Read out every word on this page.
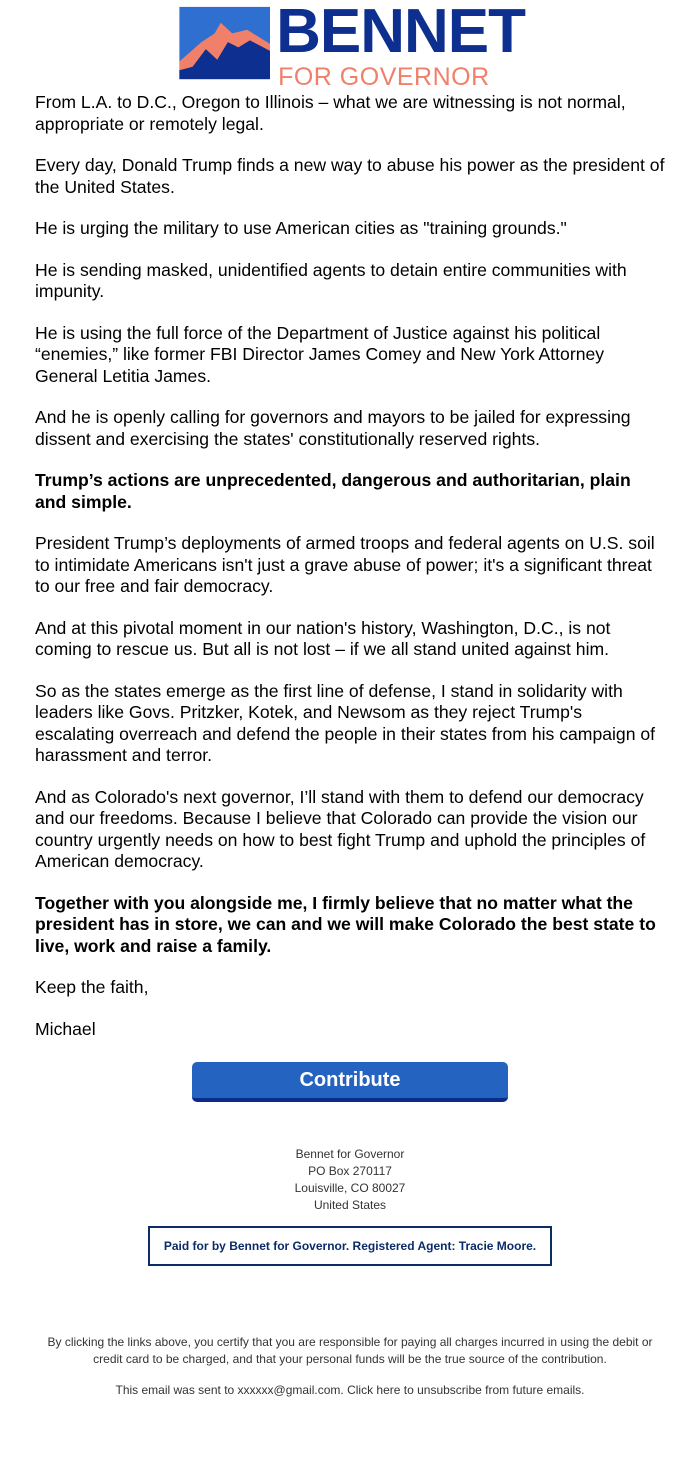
BENNET
FOR GOVERNOR

From L.A. to D.C., Oregon to Illinois – what we are witnessing is not normal, appropriate or remotely legal.

Every day, Donald Trump finds a new way to abuse his power as the president of the United States.

He is urging the military to use American cities as "training grounds."

He is sending masked, unidentified agents to detain entire communities with impunity.

He is using the full force of the Department of Justice against his political “enemies,” like former FBI Director James Comey and New York Attorney General Letitia James.

And he is openly calling for governors and mayors to be jailed for expressing dissent and exercising the states' constitutionally reserved rights.

Trump’s actions are unprecedented, dangerous and authoritarian, plain and simple.

President Trump’s deployments of armed troops and federal agents on U.S. soil to intimidate Americans isn't just a grave abuse of power; it's a significant threat to our free and fair democracy.

And at this pivotal moment in our nation's history, Washington, D.C., is not coming to rescue us. But all is not lost – if we all stand united against him.

So as the states emerge as the first line of defense, I stand in solidarity with leaders like Govs. Pritzker, Kotek, and Newsom as they reject Trump's escalating overreach and defend the people in their states from his campaign of harassment and terror.

And as Colorado's next governor, I’ll stand with them to defend our democracy and our freedoms. Because I believe that Colorado can provide the vision our country urgently needs on how to best fight Trump and uphold the principles of American democracy.

Together with you alongside me, I firmly believe that no matter what the president has in store, we can and we will make Colorado the best state to live, work and raise a family.

Keep the faith,

Michael

Contribute
Bennet for Governor
PO Box 270117
Louisville, CO 80027
United States
Paid for by Bennet for Governor. Registered Agent: Tracie Moore.
By clicking the links above, you certify that you are responsible for paying all charges incurred in using the debit or credit card to be charged, and that your personal funds will be the true source of the contribution.
This email was sent to xxxxxx@gmail.com. Click here to unsubscribe from future emails.
